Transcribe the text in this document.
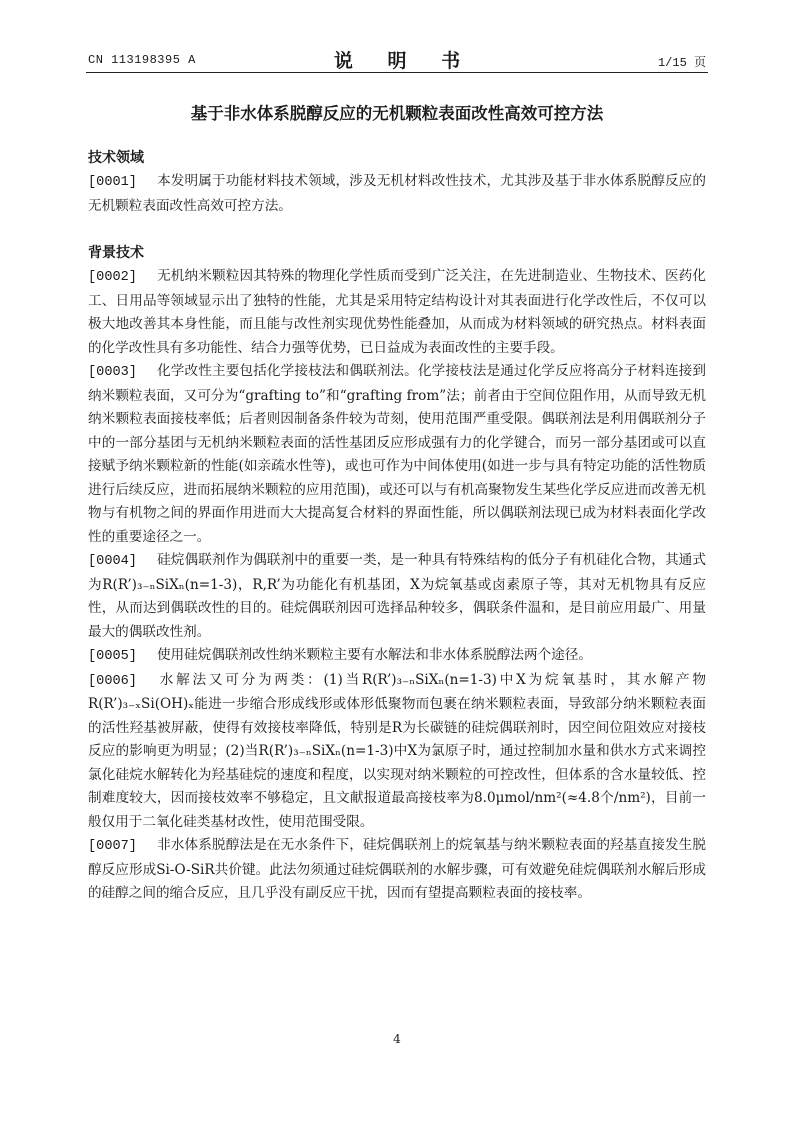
CN 113198395 A	说 明 书	1/15 页
基于非水体系脱醇反应的无机颗粒表面改性高效可控方法

技术领域

[0001] 本发明属于功能材料技术领域，涉及无机材料改性技术，尤其涉及基于非水体系脱醇反应的无机颗粒表面改性高效可控方法。

背景技术

[0002] 无机纳米颗粒因其特殊的物理化学性质而受到广泛关注，在先进制造业、生物技术、医药化工、日用品等领域显示出了独特的性能，尤其是采用特定结构设计对其表面进行化学改性后，不仅可以极大地改善其本身性能，而且能与改性剂实现优势性能叠加，从而成为材料领域的研究热点。材料表面的化学改性具有多功能性、结合力强等优势，已日益成为表面改性的主要手段。

[0003] 化学改性主要包括化学接枝法和偶联剂法。化学接枝法是通过化学反应将高分子材料连接到纳米颗粒表面，又可分为“grafting to”和“grafting from”法；前者由于空间位阻作用，从而导致无机纳米颗粒表面接枝率低；后者则因制备条件较为苛刻，使用范围严重受限。偶联剂法是利用偶联剂分子中的一部分基团与无机纳米颗粒表面的活性基团反应形成强有力的化学键合，而另一部分基团或可以直接赋予纳米颗粒新的性能(如亲疏水性等)，或也可作为中间体使用(如进一步与具有特定功能的活性物质进行后续反应，进而拓展纳米颗粒的应用范围)，或还可以与有机高聚物发生某些化学反应进而改善无机物与有机物之间的界面作用进而大大提高复合材料的界面性能，所以偶联剂法现已成为材料表面化学改性的重要途径之一。

[0004] 硅烷偶联剂作为偶联剂中的重要一类，是一种具有特殊结构的低分子有机硅化合物，其通式为R(R’)₃₋ₙSiXₙ(n=1-3)，R,R’为功能化有机基团，X为烷氧基或卤素原子等，其对无机物具有反应性，从而达到偶联改性的目的。硅烷偶联剂因可选择品种较多，偶联条件温和，是目前应用最广、用量最大的偶联改性剂。

[0005] 使用硅烷偶联剂改性纳米颗粒主要有水解法和非水体系脱醇法两个途径。

[0006] 水解法又可分为两类：(1)当R(R’)₃₋ₙSiXₙ(n=1-3)中X为烷氧基时，其水解产物R(R’)₃₋ₓSi(OH)ₓ能进一步缩合形成线形或体形低聚物而包裹在纳米颗粒表面，导致部分纳米颗粒表面的活性羟基被屏蔽，使得有效接枝率降低，特别是R为长碳链的硅烷偶联剂时，因空间位阻效应对接枝反应的影响更为明显；(2)当R(R’)₃₋ₙSiXₙ(n=1-3)中X为氯原子时，通过控制加水量和供水方式来调控氯化硅烷水解转化为羟基硅烷的速度和程度，以实现对纳米颗粒的可控改性，但体系的含水量较低、控制难度较大，因而接枝效率不够稳定，且文献报道最高接枝率为8.0μmol/nm²(≈4.8个/nm²)，目前一般仅用于二氧化硅类基材改性，使用范围受限。

[0007] 非水体系脱醇法是在无水条件下，硅烷偶联剂上的烷氧基与纳米颗粒表面的羟基直接发生脱醇反应形成Si-O-SiR共价键。此法勿须通过硅烷偶联剂的水解步骤，可有效避免硅烷偶联剂水解后形成的硅醇之间的缩合反应，且几乎没有副反应干扰，因而有望提高颗粒表面的接枝率。

4
